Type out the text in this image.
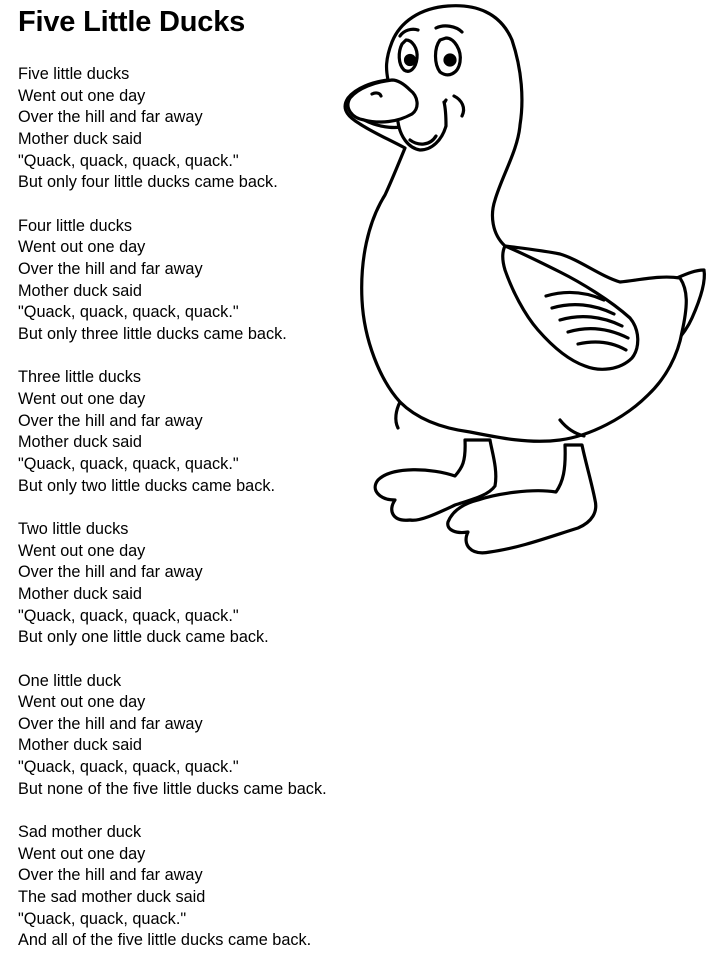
Five Little Ducks
Five little ducks
Went out one day
Over the hill and far away
Mother duck said
"Quack, quack, quack, quack."
But only four little ducks came back.
Four little ducks
Went out one day
Over the hill and far away
Mother duck said
"Quack, quack, quack, quack."
But only three little ducks came back.
Three little ducks
Went out one day
Over the hill and far away
Mother duck said
"Quack, quack, quack, quack."
But only two little ducks came back.
Two little ducks
Went out one day
Over the hill and far away
Mother duck said
"Quack, quack, quack, quack."
But only one little duck came back.
One little duck
Went out one day
Over the hill and far away
Mother duck said
"Quack, quack, quack, quack."
But none of the five little ducks came back.
Sad mother duck
Went out one day
Over the hill and far away
The sad mother duck said
"Quack, quack, quack."
And all of the five little ducks came back.
